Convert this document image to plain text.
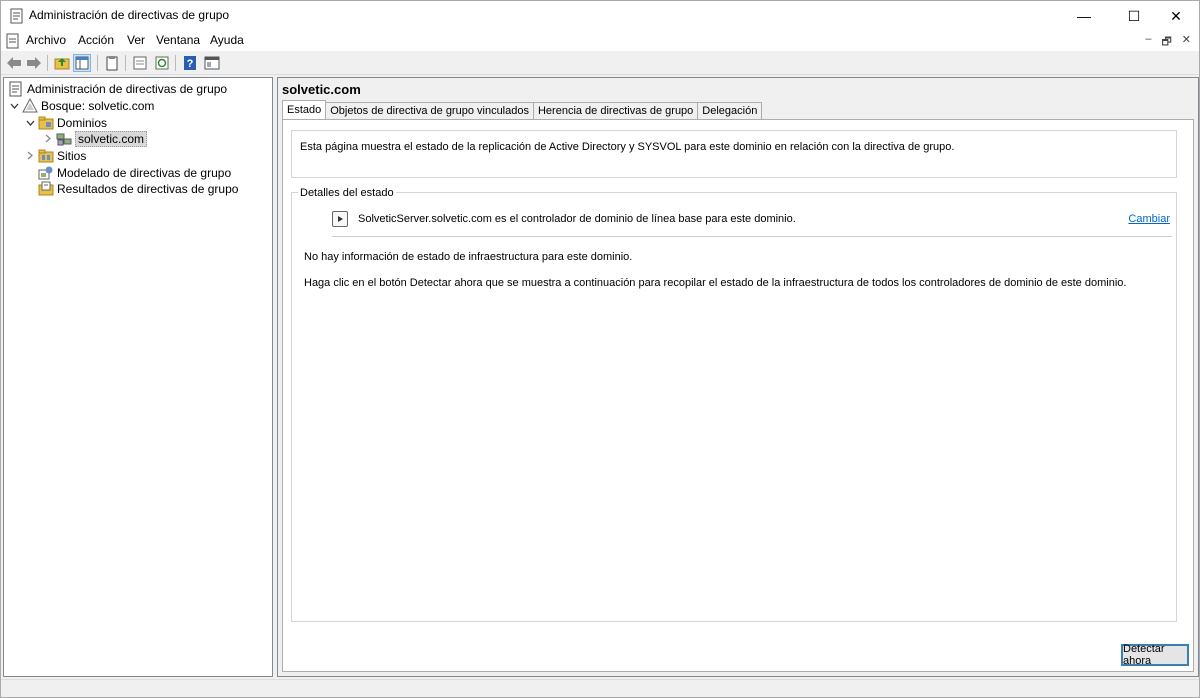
Administración de directivas de grupo	—	☐	✕
Archivo Acción Ver Ventana Ayuda	– 🗗 ✕
?
Administración de directivas de grupo
Bosque: solvetic.com
Dominios
solvetic.com
Sitios
Modelado de directivas de grupo
Resultados de directivas de grupo
solvetic.com
Estado Objetos de directiva de grupo vinculados Herencia de directivas de grupo Delegación
Esta página muestra el estado de la replicación de Active Directory y SYSVOL para este dominio en relación con la directiva de grupo.
Detalles del estado
SolveticServer.solvetic.com es el controlador de dominio de línea base para este dominio.	Cambiar
No hay información de estado de infraestructura para este dominio.
Haga clic en el botón Detectar ahora que se muestra a continuación para recopilar el estado de la infraestructura de todos los controladores de dominio de este dominio.
Detectar ahora
